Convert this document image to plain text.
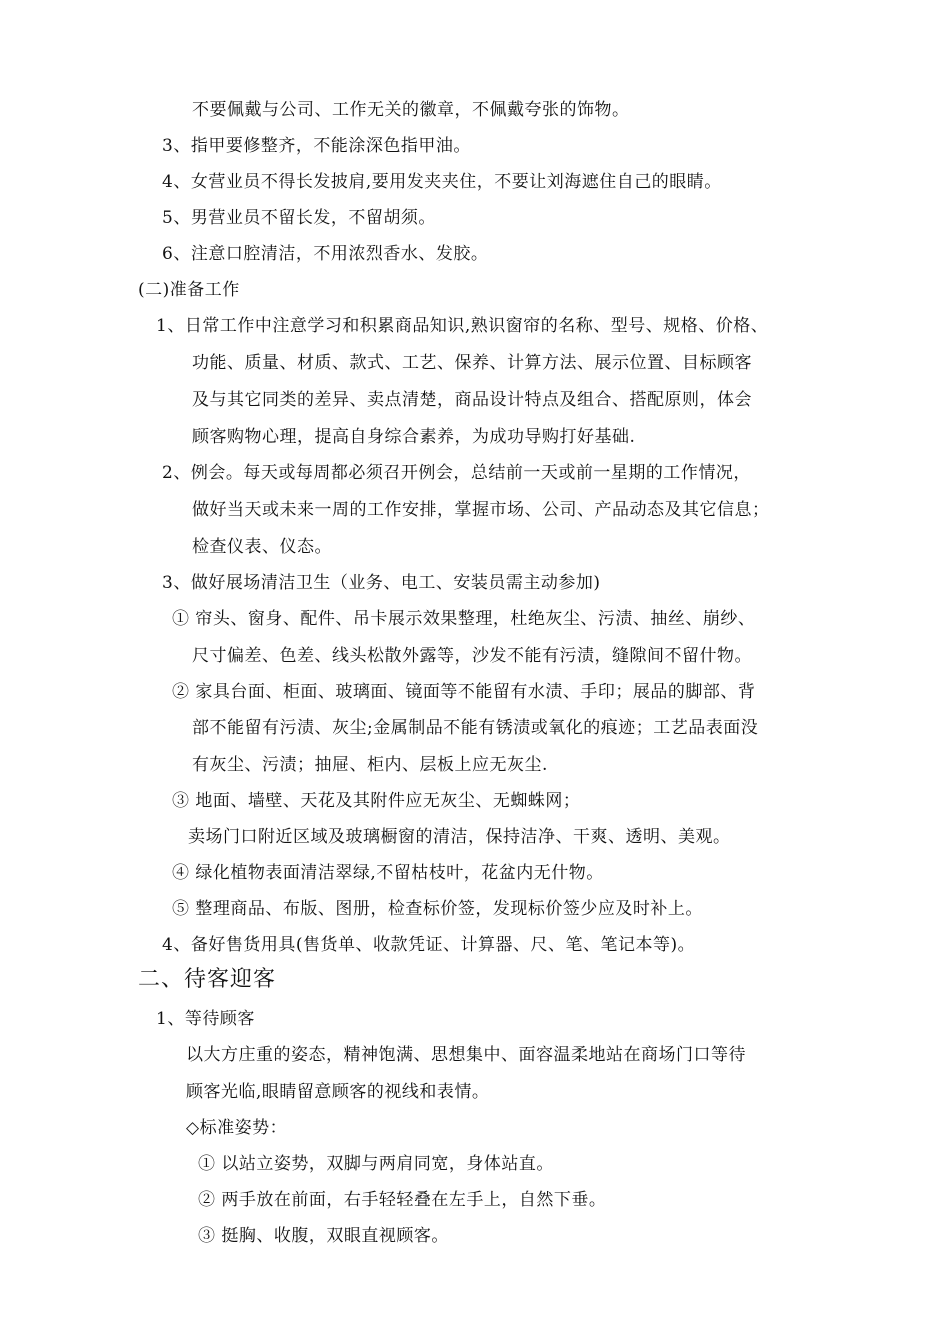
不要佩戴与公司、工作无关的徽章，不佩戴夸张的饰物。
3、指甲要修整齐，不能涂深色指甲油。
4、女营业员不得长发披肩,要用发夹夹住，不要让刘海遮住自己的眼睛。
5、男营业员不留长发，不留胡须。
6、注意口腔清洁，不用浓烈香水、发胶。
(二)准备工作
1、日常工作中注意学习和积累商品知识,熟识窗帘的名称、型号、规格、价格、
功能、质量、材质、款式、工艺、保养、计算方法、展示位置、目标顾客
及与其它同类的差异、卖点清楚，商品设计特点及组合、搭配原则，体会
顾客购物心理，提高自身综合素养，为成功导购打好基础.
2、例会。每天或每周都必须召开例会，总结前一天或前一星期的工作情况，
做好当天或未来一周的工作安排，掌握市场、公司、产品动态及其它信息；
检查仪表、仪态。
3、做好展场清洁卫生（业务、电工、安装员需主动参加)
① 帘头、窗身、配件、吊卡展示效果整理，杜绝灰尘、污渍、抽丝、崩纱、
尺寸偏差、色差、线头松散外露等，沙发不能有污渍，缝隙间不留什物。
② 家具台面、柜面、玻璃面、镜面等不能留有水渍、手印；展品的脚部、背
部不能留有污渍、灰尘;金属制品不能有锈渍或氧化的痕迹；工艺品表面没
有灰尘、污渍；抽屉、柜内、层板上应无灰尘.
③ 地面、墙壁、天花及其附件应无灰尘、无蜘蛛网；
卖场门口附近区域及玻璃橱窗的清洁，保持洁净、干爽、透明、美观。
④ 绿化植物表面清洁翠绿,不留枯枝叶，花盆内无什物。
⑤ 整理商品、布版、图册，检查标价签，发现标价签少应及时补上。
4、备好售货用具(售货单、收款凭证、计算器、尺、笔、笔记本等)。
二、待客迎客
1、等待顾客
以大方庄重的姿态，精神饱满、思想集中、面容温柔地站在商场门口等待
顾客光临,眼睛留意顾客的视线和表情。
◇标准姿势：
① 以站立姿势，双脚与两肩同宽，身体站直。
② 两手放在前面，右手轻轻叠在左手上，自然下垂。
③ 挺胸、收腹，双眼直视顾客。
